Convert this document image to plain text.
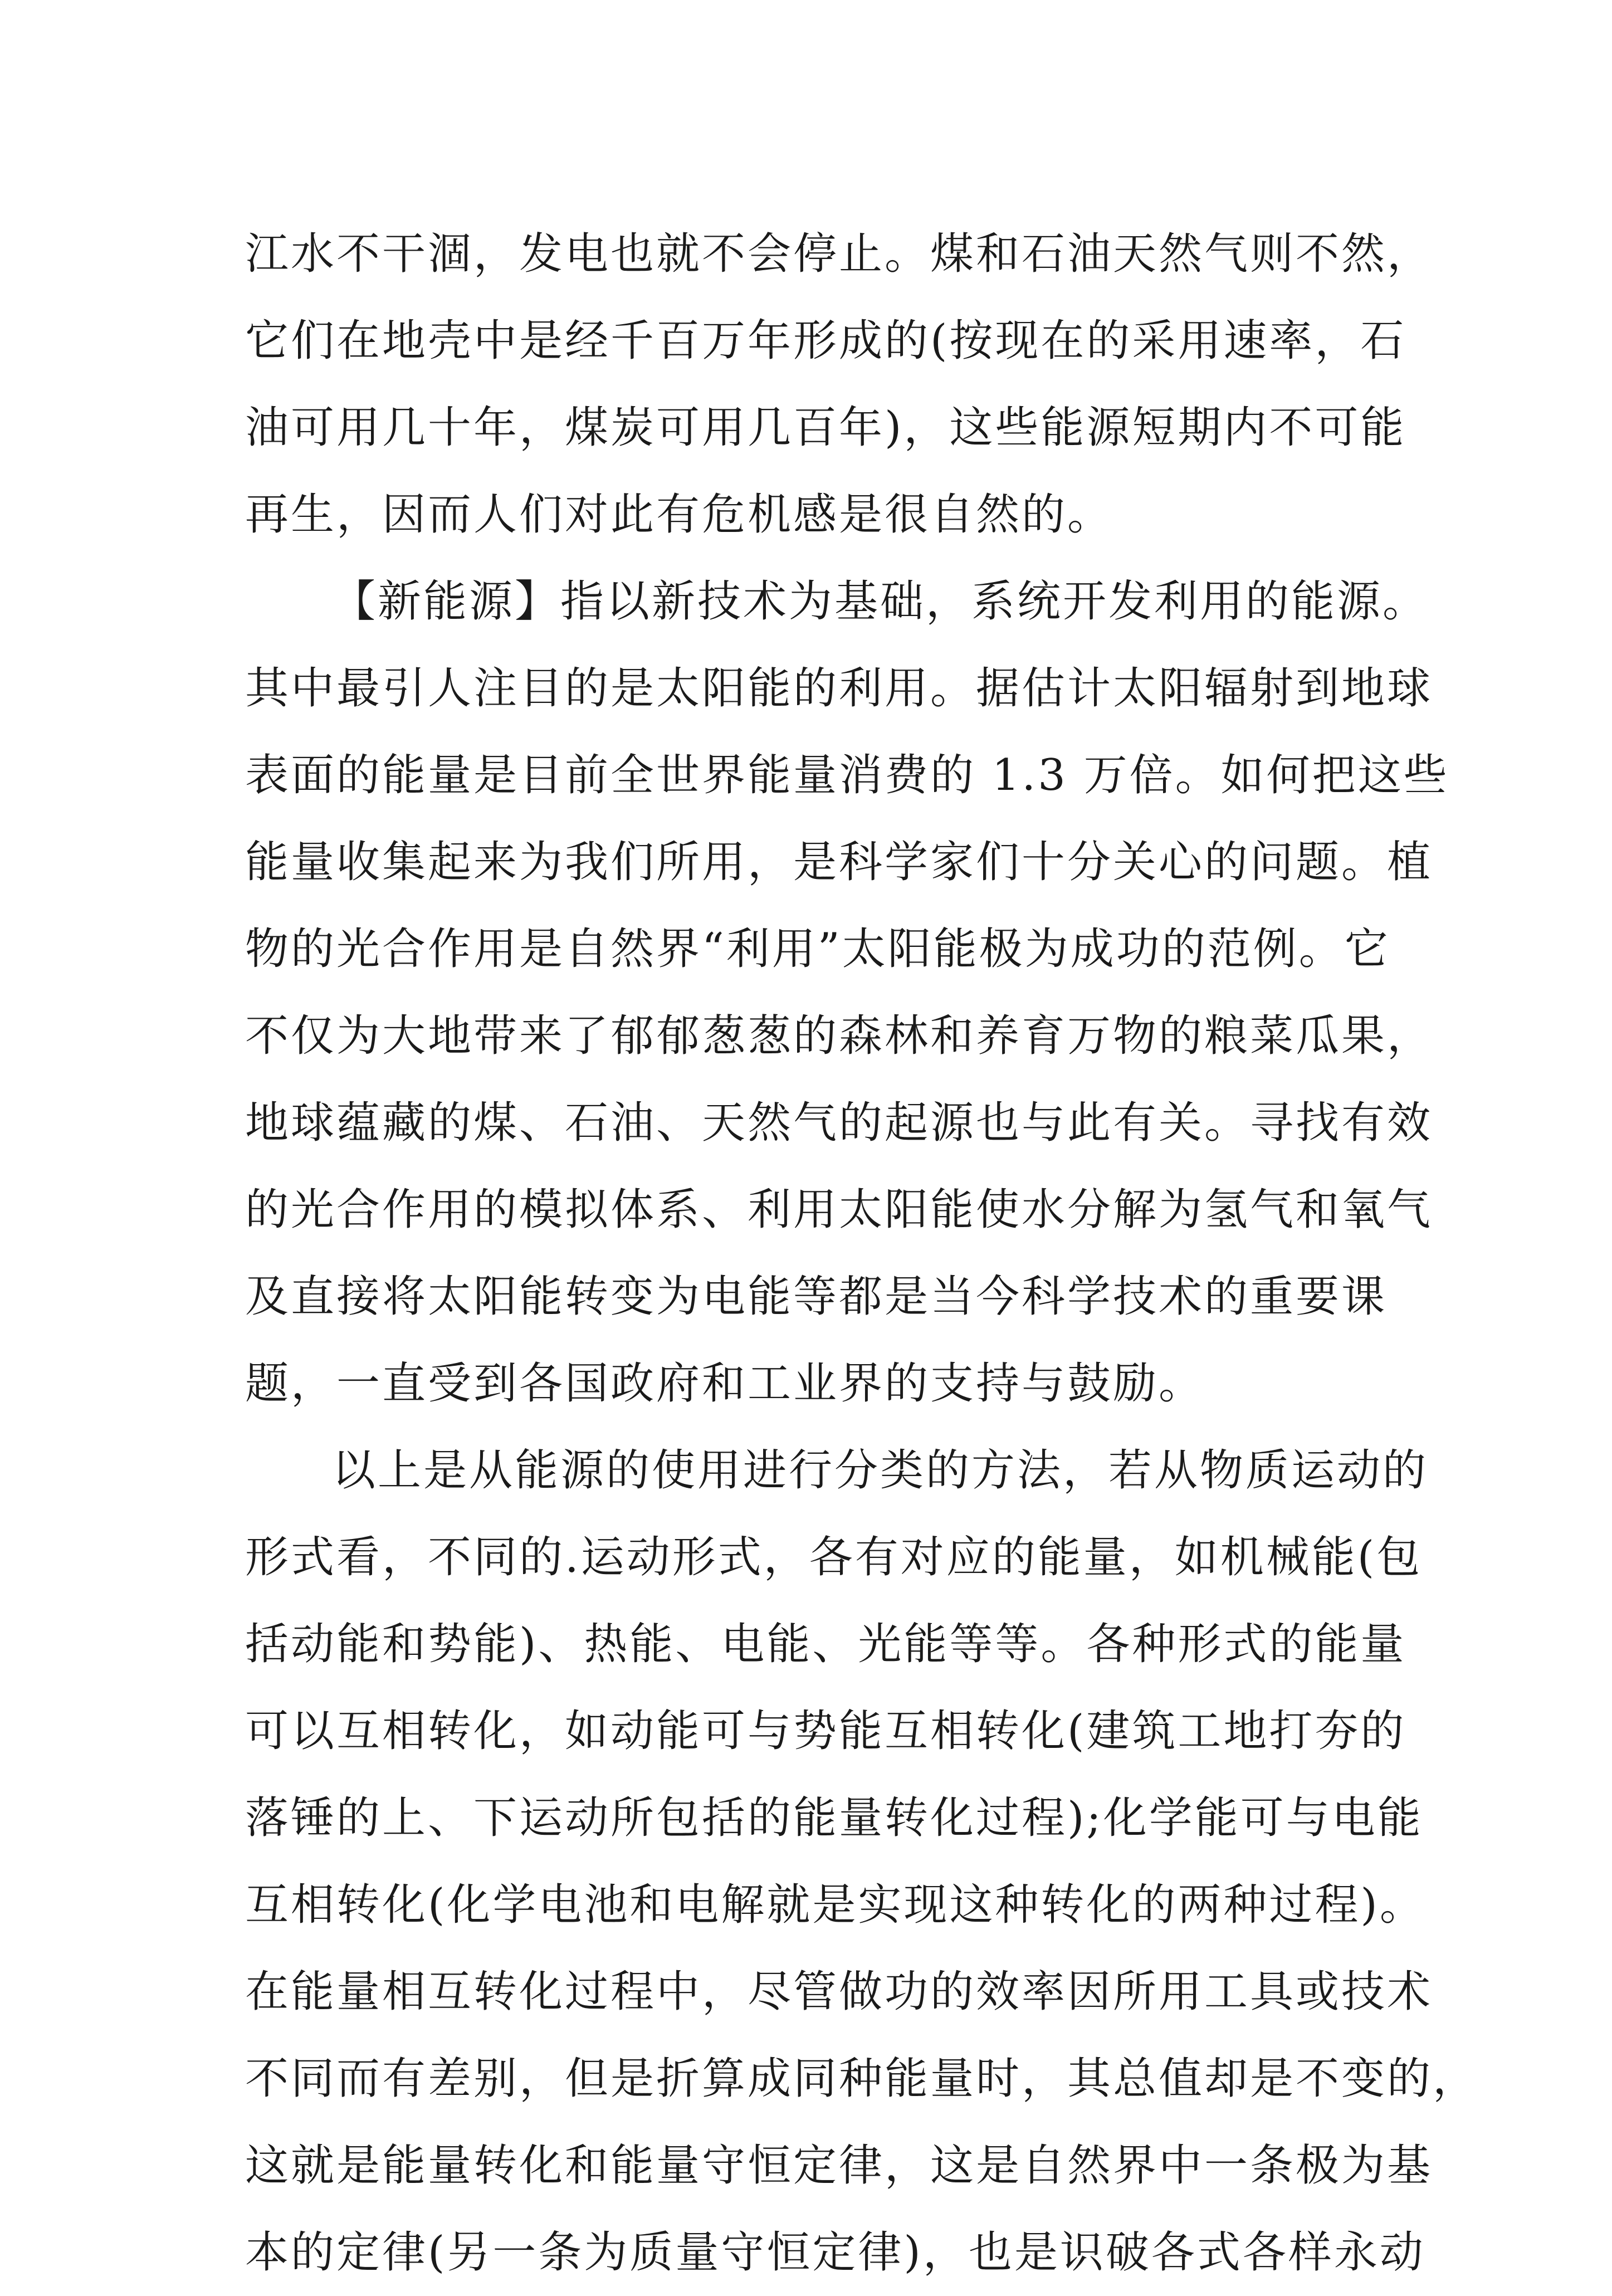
江水不干涸，发电也就不会停止。煤和石油天然气则不然，
它们在地壳中是经千百万年形成的(按现在的采用速率，石
油可用几十年，煤炭可用几百年)，这些能源短期内不可能
再生，因而人们对此有危机感是很自然的。
【新能源】指以新技术为基础，系统开发利用的能源。
其中最引人注目的是太阳能的利用。据估计太阳辐射到地球
表面的能量是目前全世界能量消费的 1.3 万倍。如何把这些
能量收集起来为我们所用，是科学家们十分关心的问题。植
物的光合作用是自然界“利用”太阳能极为成功的范例。它
不仅为大地带来了郁郁葱葱的森林和养育万物的粮菜瓜果，
地球蕴藏的煤、石油、天然气的起源也与此有关。寻找有效
的光合作用的模拟体系、利用太阳能使水分解为氢气和氧气
及直接将太阳能转变为电能等都是当今科学技术的重要课
题，一直受到各国政府和工业界的支持与鼓励。
以上是从能源的使用进行分类的方法，若从物质运动的
形式看，不同的.运动形式，各有对应的能量，如机械能(包
括动能和势能)、热能、电能、光能等等。各种形式的能量
可以互相转化，如动能可与势能互相转化(建筑工地打夯的
落锤的上、下运动所包括的能量转化过程);化学能可与电能
互相转化(化学电池和电解就是实现这种转化的两种过程)。
在能量相互转化过程中，尽管做功的效率因所用工具或技术
不同而有差别，但是折算成同种能量时，其总值却是不变的，
这就是能量转化和能量守恒定律，这是自然界中一条极为基
本的定律(另一条为质量守恒定律)，也是识破各式各样永动
